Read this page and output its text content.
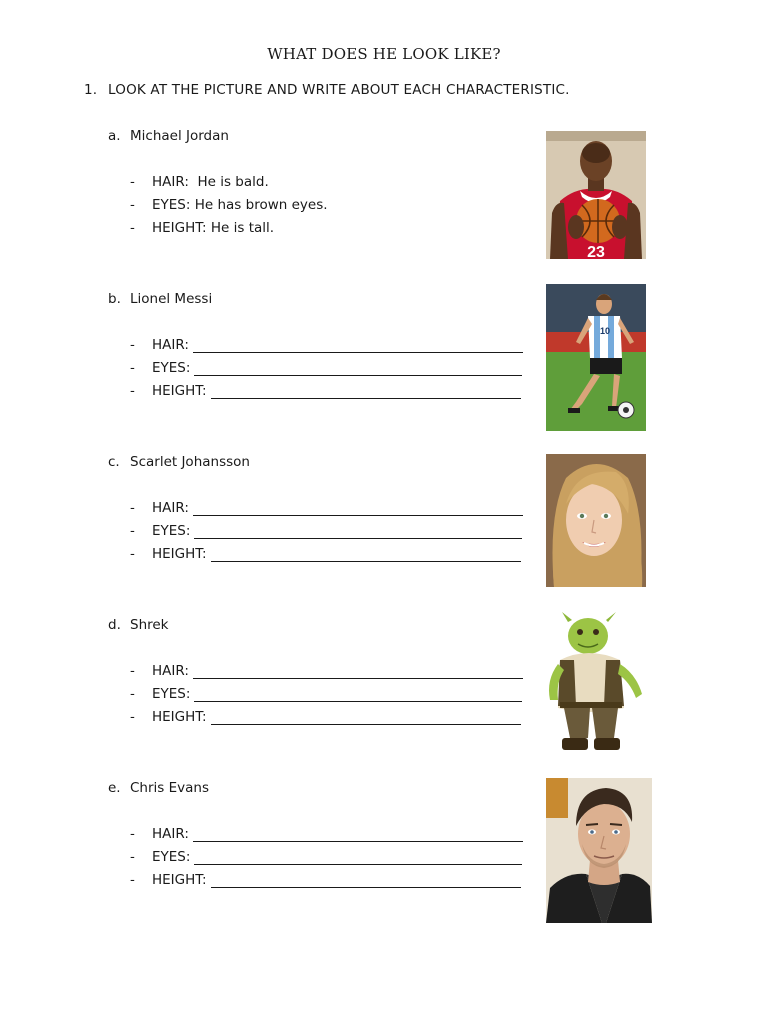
WHAT DOES HE LOOK LIKE?
1. LOOK AT THE PICTURE AND WRITE ABOUT EACH CHARACTERISTIC.
a. Michael Jordan
-	HAIR:
He is bald.
-	EYES:
He has brown eyes.
-	HEIGHT:
He is tall.
23
b. Lionel Messi
-	HAIR:
-	EYES:
-	HEIGHT:
10
c. Scarlet Johansson
-	HAIR:
-	EYES:
-	HEIGHT:
d. Shrek
-	HAIR:
-	EYES:
-	HEIGHT:
e. Chris Evans
-	HAIR:
-	EYES:
-	HEIGHT:
